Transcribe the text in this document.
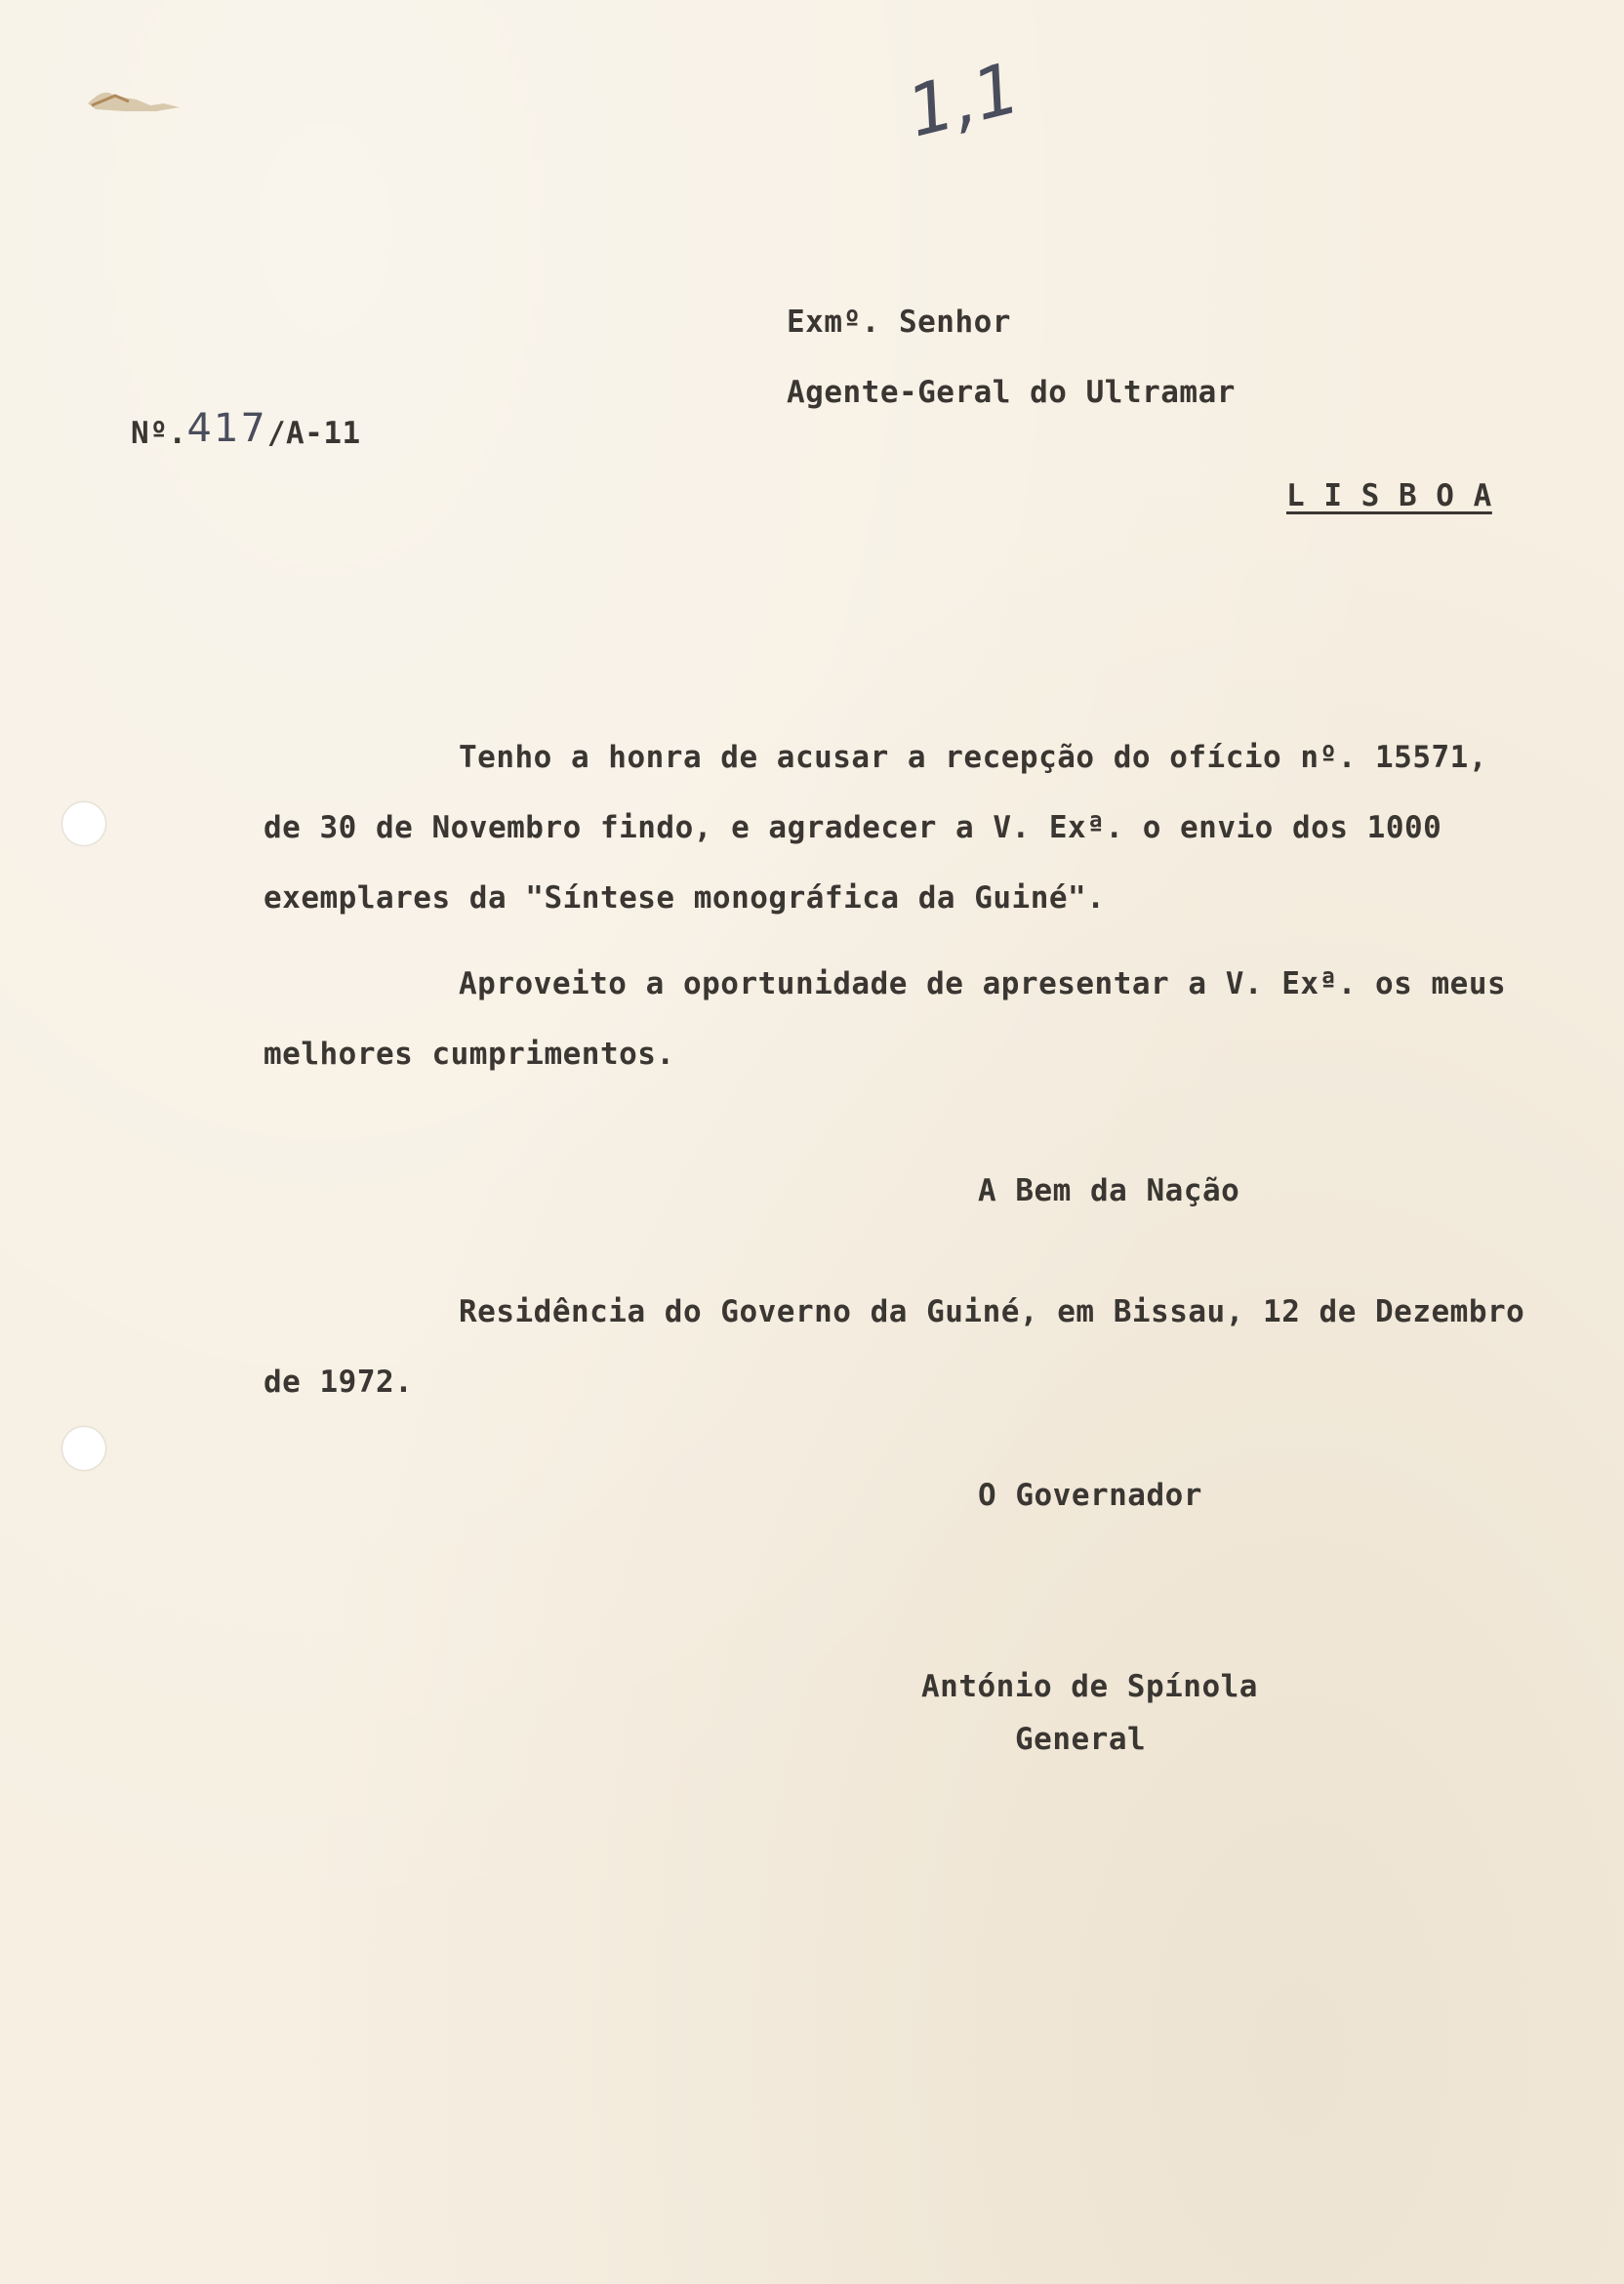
1,1
Exmº. Senhor
Agente-Geral do Ultramar
L I S B O A
Nº.417/A-11
Tenho a honra de acusar a recepção do ofício nº. 15571,
de 30 de Novembro findo, e agradecer a V. Exª. o envio dos 1000
exemplares da "Síntese monográfica da Guiné".
Aproveito a oportunidade de apresentar a V. Exª. os meus
melhores cumprimentos.
A Bem da Nação
Residência do Governo da Guiné, em Bissau, 12 de Dezembro
de 1972.
O Governador
António de Spínola
General
